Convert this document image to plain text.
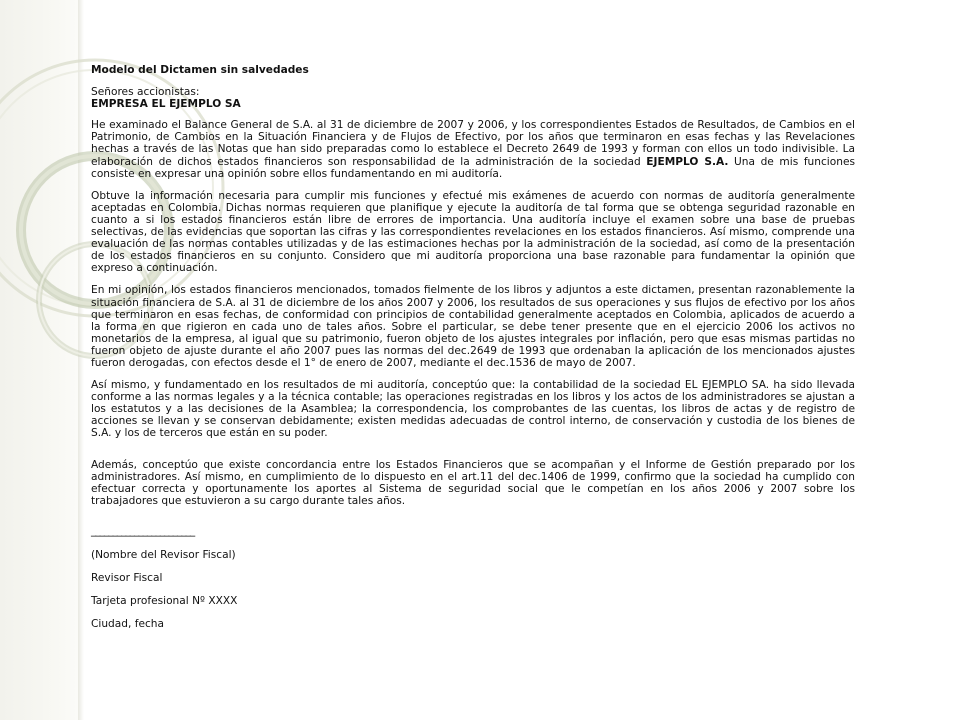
Modelo del Dictamen sin salvedades

Señores accionistas:

EMPRESA EL EJEMPLO SA

He examinado el Balance General de S.A. al 31 de diciembre de 2007 y 2006, y los correspondientes Estados de Resultados, de Cambios en el Patrimonio, de Cambios en la Situación Financiera y de Flujos de Efectivo, por los años que terminaron en esas fechas y las Revelaciones hechas a través de las Notas que han sido preparadas como lo establece el Decreto 2649 de 1993 y forman con ellos un todo indivisible. La elaboración de dichos estados financieros son responsabilidad de la administración de la sociedad EJEMPLO S.A. Una de mis funciones consiste en expresar una opinión sobre ellos fundamentando en mi auditoría.

Obtuve la información necesaria para cumplir mis funciones y efectué mis exámenes de acuerdo con normas de auditoría generalmente aceptadas en Colombia. Dichas normas requieren que planifique y ejecute la auditoría de tal forma que se obtenga seguridad razonable en cuanto a si los estados financieros están libre de errores de importancia. Una auditoría incluye el examen sobre una base de pruebas selectivas, de las evidencias que soportan las cifras y las correspondientes revelaciones en los estados financieros. Así mismo, comprende una evaluación de las normas contables utilizadas y de las estimaciones hechas por la administración de la sociedad, así como de la presentación de los estados financieros en su conjunto. Considero que mi auditoría proporciona una base razonable para fundamentar la opinión que expreso a continuación.

En mi opinión, los estados financieros mencionados, tomados fielmente de los libros y adjuntos a este dictamen, presentan razonablemente la situación financiera de S.A. al 31 de diciembre de los años 2007 y 2006, los resultados de sus operaciones y sus flujos de efectivo por los años que terminaron en esas fechas, de conformidad con principios de contabilidad generalmente aceptados en Colombia, aplicados de acuerdo a la forma en que rigieron en cada uno de tales años. Sobre el particular, se debe tener presente que en el ejercicio 2006 los activos no monetarios de la empresa, al igual que su patrimonio, fueron objeto de los ajustes integrales por inflación, pero que esas mismas partidas no fueron objeto de ajuste durante el año 2007 pues las normas del dec.2649 de 1993 que ordenaban la aplicación de los mencionados ajustes fueron derogadas, con efectos desde el 1° de enero de 2007, mediante el dec.1536 de mayo de 2007.

Así mismo, y fundamentado en los resultados de mi auditoría, conceptúo que: la contabilidad de la sociedad EL EJEMPLO SA. ha sido llevada conforme a las normas legales y a la técnica contable; las operaciones registradas en los libros y los actos de los administradores se ajustan a los estatutos y a las decisiones de la Asamblea; la correspondencia, los comprobantes de las cuentas, los libros de actas y de registro de acciones se llevan y se conservan debidamente; existen medidas adecuadas de control interno, de conservación y custodia de los bienes de S.A. y los de terceros que están en su poder.

Además, conceptúo que existe concordancia entre los Estados Financieros que se acompañan y el Informe de Gestión preparado por los administradores. Así mismo, en cumplimiento de lo dispuesto en el art.11 del dec.1406 de 1999, confirmo que la sociedad ha cumplido con efectuar correcta y oportunamente los aportes al Sistema de seguridad social que le competían en los años 2006 y 2007 sobre los trabajadores que estuvieron a su cargo durante tales años.

________________________

(Nombre del Revisor Fiscal)

Revisor Fiscal

Tarjeta profesional Nº XXXX

Ciudad, fecha
